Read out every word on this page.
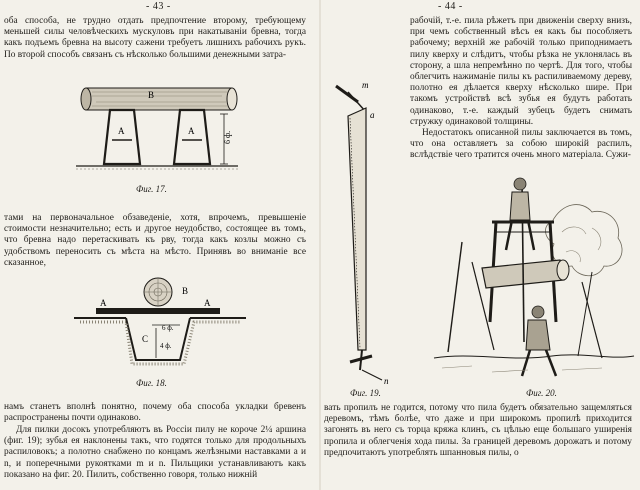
- 43 -

оба способа, не трудно отдать предпочтение второму, требующему меньшей силы человѣческихъ мускуловъ при накатываніи бревна, тогда какъ подъемъ бревна на высоту сажени требуетъ лишнихъ рабочихъ рукъ. По второй способъ связанъ съ нѣсколько большими денежными затра-

B
A	A	6 ф.
Фиг. 17.

тами на первоначальное обзаведеніе, хотя, впрочемъ, превышеніе стоимости незначительно; есть и другое неудобство, состоящее въ томъ, что бревна надо перетаскивать къ рву, тогда какъ козлы можно съ удобствомъ переносить съ мѣста на мѣсто. Принявъ во вниманіе все сказанное,

B
A	A
C
6 ф.
4 ф.
Фиг. 18.

намъ станетъ вполнѣ понятно, почему оба способа укладки бревенъ распространены почти одинаково.

Для пилки досокъ употребляютъ въ Россіи пилу не короче 2¼ аршина (фиг. 19); зубья ея наклонены такъ, что годятся только для продольныхъ распиловокъ; а полотно снабжено по концамъ желѣзными наставками a и n, и поперечными рукоятками m и n. Пильщики устанавливаютъ какъ показано на фиг. 20. Пилить, собственно говоря, только нижній

- 44 -

рабочій, т.-е. пила рѣжетъ при движеніи сверху внизъ, при чемъ собственный вѣсъ ея какъ бы пособляетъ рабочему; верхній же рабочій только приподнимаетъ пилу кверху и слѣдитъ, чтобы рѣзка не уклонялась въ сторону, а шла непремѣнно по чертѣ. Для того, чтобы облегчить нажиманіе пилы къ распиливаемому дереву, полотно ея дѣлается кверху нѣсколько шире. При такомъ устройствѣ всѣ зубья ея будутъ работать одинаково, т.-е. каждый зубецъ будетъ снимать стружку одинаковой толщины.

Недостатокъ описанной пилы заключается въ томъ, что она оставляетъ за собою широкій распилъ, вслѣдствіе чего тратится очень много матеріала. Сужи-

m
a
n
Фиг. 19.	Фиг. 20.

вать пропилъ не годится, потому что пила будетъ обязательно защемляться деревомъ, тѣмъ болѣе, что даже и при широкомъ пропилѣ приходится загонять въ него съ торца кряжа клинъ, съ цѣлью еще большаго уширенія пропила и облегченія хода пилы. За границей деревомъ дорожатъ и потому предпочитаютъ употреблять шпанновыя пилы, о
